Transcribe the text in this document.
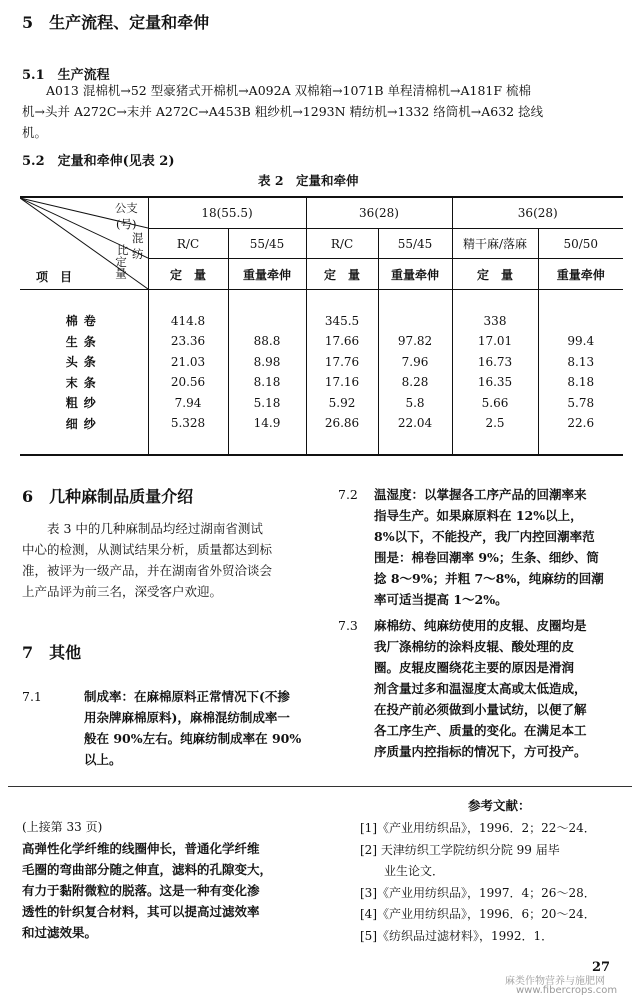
5　生产流程、定量和牵伸
5.1　生产流程
A013 混棉机→52 型豪猪式开棉机→A092A 双棉箱→1071B 单程清棉机→A181F 梳棉
机→头并 A272C→末并 A272C→A453B 粗纱机→1293N 精纺机→1332 络筒机→A632 捻线
机。
5.2　定量和牵伸(见表 2)
表 2　定量和牵伸
公支(号)
混纺
比
定量
项　目	18(55.5)		36(28)		36(28)	
	R/C	55/45	R/C	55/45	精干麻/落麻	50/50
	定　量	重量牵伸	定　量	重量牵伸	定　量	重量牵伸

棉卷	414.8		345.5		338	
生条	23.36	88.8	17.66	97.82	17.01	99.4
头条	21.03	8.98	17.76	7.96	16.73	8.13
末条	20.56	8.18	17.16	8.28	16.35	8.18
粗纱	7.94	5.18	5.92	5.8	5.66	5.78
细纱	5.328	14.9	26.86	22.04	2.5	22.6

6　几种麻制品质量介绍
　　表 3 中的几种麻制品均经过湖南省测试
中心的检测，从测试结果分析，质量都达到标
准，被评为一级产品，并在湖南省外贸洽谈会
上产品评为前三名，深受客户欢迎。
7　其他
7.1	制成率：在麻棉原料正常情况下(不掺
用杂牌麻棉原料)，麻棉混纺制成率一
般在 90%左右。纯麻纺制成率在 90%
以上。
7.2 温湿度：以掌握各工序产品的回潮率来
指导生产。如果麻原料在 12%以上，
8%以下，不能投产，我厂内控回潮率范
围是：棉卷回潮率 9%；生条、细纱、筒
捻 8～9%；并粗 7～8%，纯麻纺的回潮
率可适当提高 1～2%。
7.3 麻棉纺、纯麻纺使用的皮辊、皮圈均是
我厂涤棉纺的涂料皮辊、酸处理的皮
圈。皮辊皮圈绕花主要的原因是滑润
剂含量过多和温湿度太高或太低造成，
在投产前必须做到小量试纺，以便了解
各工序生产、质量的变化。在满足本工
序质量内控指标的情况下，方可投产。
(上接第 33 页)
高弹性化学纤维的线圈伸长，普通化学纤维
毛圈的弯曲部分随之伸直，滤料的孔隙变大，
有力于黏附微粒的脱落。这是一种有变化渗
透性的针织复合材料，其可以提高过滤效率
和过滤效果。
参考文献：
[1]《产业用纺织品》，1996．2；22～24．
[2] 天津纺织工学院纺织分院 99 届毕
　　业生论文．
[3]《产业用纺织品》，1997．4；26～28．
[4]《产业用纺织品》，1996．6；20～24．
[5]《纺织品过滤材料》，1992．1．
27
麻类作物营养与施肥网
www.fibercrops.com
